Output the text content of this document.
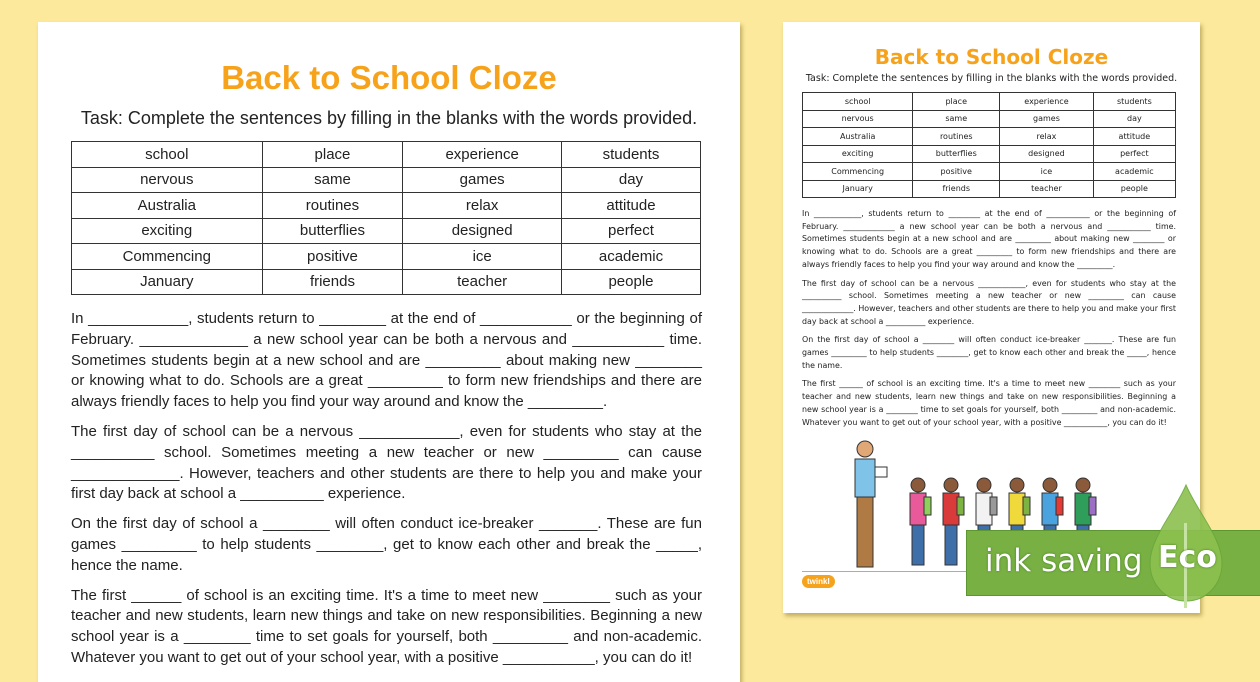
Back to School Cloze
Task: Complete the sentences by filling in the blanks with the words provided.
school	place	experience	students
nervous	same	games	day
Australia	routines	relax	attitude
exciting	butterflies	designed	perfect
Commencing	positive	ice	academic
January	friends	teacher	people

In ____________, students return to ________ at the end of ___________ or the beginning of February. _____________ a new school year can be both a nervous and ___________ time. Sometimes students begin at a new school and are _________ about making new ________ or knowing what to do. Schools are a great _________ to form new friendships and there are always friendly faces to help you find your way around and know the _________.

The first day of school can be a nervous ____________, even for students who stay at the __________ school. Sometimes meeting a new teacher or new _________ can cause _____________. However, teachers and other students are there to help you and make your first day back at school a __________ experience.

On the first day of school a ________ will often conduct ice-breaker _______. These are fun games _________ to help students ________, get to know each other and break the _____, hence the name.

The first ______ of school is an exciting time. It's a time to meet new ________ such as your teacher and new students, learn new things and take on new responsibilities. Beginning a new school year is a ________ time to set goals for yourself, both _________ and non-academic. Whatever you want to get out of your school year, with a positive ___________, you can do it!

Back to School Cloze
Task: Complete the sentences by filling in the blanks with the words provided.
school	place	experience	students
nervous	same	games	day
Australia	routines	relax	attitude
exciting	butterflies	designed	perfect
Commencing	positive	ice	academic
January	friends	teacher	people

In ____________, students return to ________ at the end of ___________ or the beginning of February. _____________ a new school year can be both a nervous and ___________ time. Sometimes students begin at a new school and are _________ about making new ________ or knowing what to do. Schools are a great _________ to form new friendships and there are always friendly faces to help you find your way around and know the _________.

The first day of school can be a nervous ____________, even for students who stay at the __________ school. Sometimes meeting a new teacher or new _________ can cause _____________. However, teachers and other students are there to help you and make your first day back at school a __________ experience.

On the first day of school a ________ will often conduct ice-breaker _______. These are fun games _________ to help students ________, get to know each other and break the _____, hence the name.

The first ______ of school is an exciting time. It's a time to meet new ________ such as your teacher and new students, learn new things and take on new responsibilities. Beginning a new school year is a ________ time to set goals for yourself, both _________ and non-academic. Whatever you want to get out of your school year, with a positive ___________, you can do it!

twinkl
ink saving Eco
